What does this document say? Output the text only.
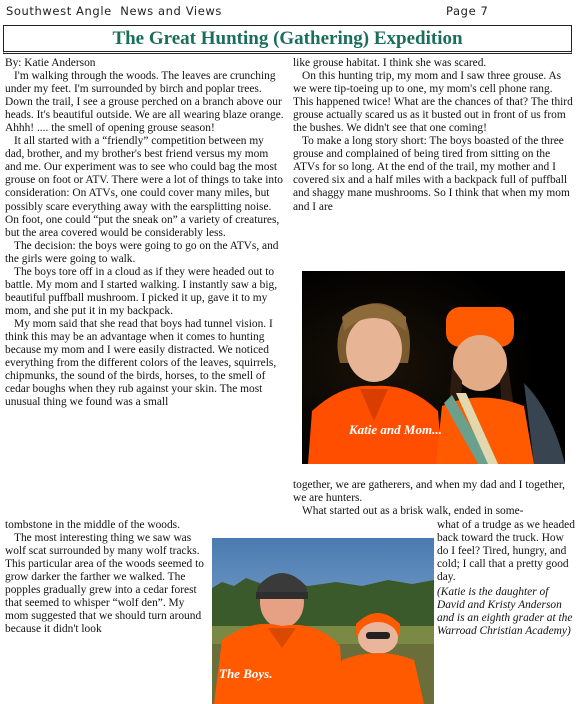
Southwest Angle  News and Views	Page 7
The Great Hunting (Gathering) Expedition

By: Katie Anderson

I'm walking through the woods. The leaves are crunching under my feet. I'm surrounded by birch and poplar trees. Down the trail, I see a grouse perched on a branch above our heads. It's beautiful outside. We are all wearing blaze orange. Ahhh! .... the smell of opening grouse season!

It all started with a “friendly” competition between my dad, brother, and my brother's best friend versus my mom and me. Our experiment was to see who could bag the most grouse on foot or ATV. There were a lot of things to take into consideration: On ATVs, one could cover many miles, but possibly scare everything away with the earsplitting noise. On foot, one could “put the sneak on” a variety of creatures, but the area covered would be considerably less.

The decision: the boys were going to go on the ATVs, and the girls were going to walk.

The boys tore off in a cloud as if they were headed out to battle. My mom and I started walking. I instantly saw a big, beautiful puffball mushroom. I picked it up, gave it to my mom, and she put it in my backpack.

My mom said that she read that boys had tunnel vision. I think this may be an advantage when it comes to hunting because my mom and I were easily distracted. We noticed everything from the different colors of the leaves, squirrels, chipmunks, the sound of the birds, horses, to the smell of cedar boughs when they rub against your skin. The most unusual thing we found was a small

tombstone in the middle of the woods.

The most interesting thing we saw was wolf scat surrounded by many wolf tracks. This particular area of the woods seemed to grow darker the farther we walked. The popples gradually grew into a cedar forest that seemed to whisper “wolf den”. My mom suggested that we should turn around because it didn't look

like grouse habitat. I think she was scared.

On this hunting trip, my mom and I saw three grouse. As we were tip-toeing up to one, my mom's cell phone rang. This happened twice! What are the chances of that? The third grouse actually scared us as it busted out in front of us from the bushes. We didn't see that one coming!

To make a long story short: The boys boasted of the three grouse and complained of being tired from sitting on the ATVs for so long. At the end of the trail, my mother and I covered six and a half miles with a backpack full of puffball and shaggy mane mushrooms. So I think that when my mom and I are

Katie and Mom...

together, we are gatherers, and when my dad and I together, we are hunters.

What started out as a brisk walk, ended in some-

what of a trudge as we headed back toward the truck. How do I feel? Tired, hungry, and cold; I call that a pretty good day.

(Katie is the daughter of David and Kristy Anderson and is an eighth grader at the Warroad Christian Academy)

The Boys.
